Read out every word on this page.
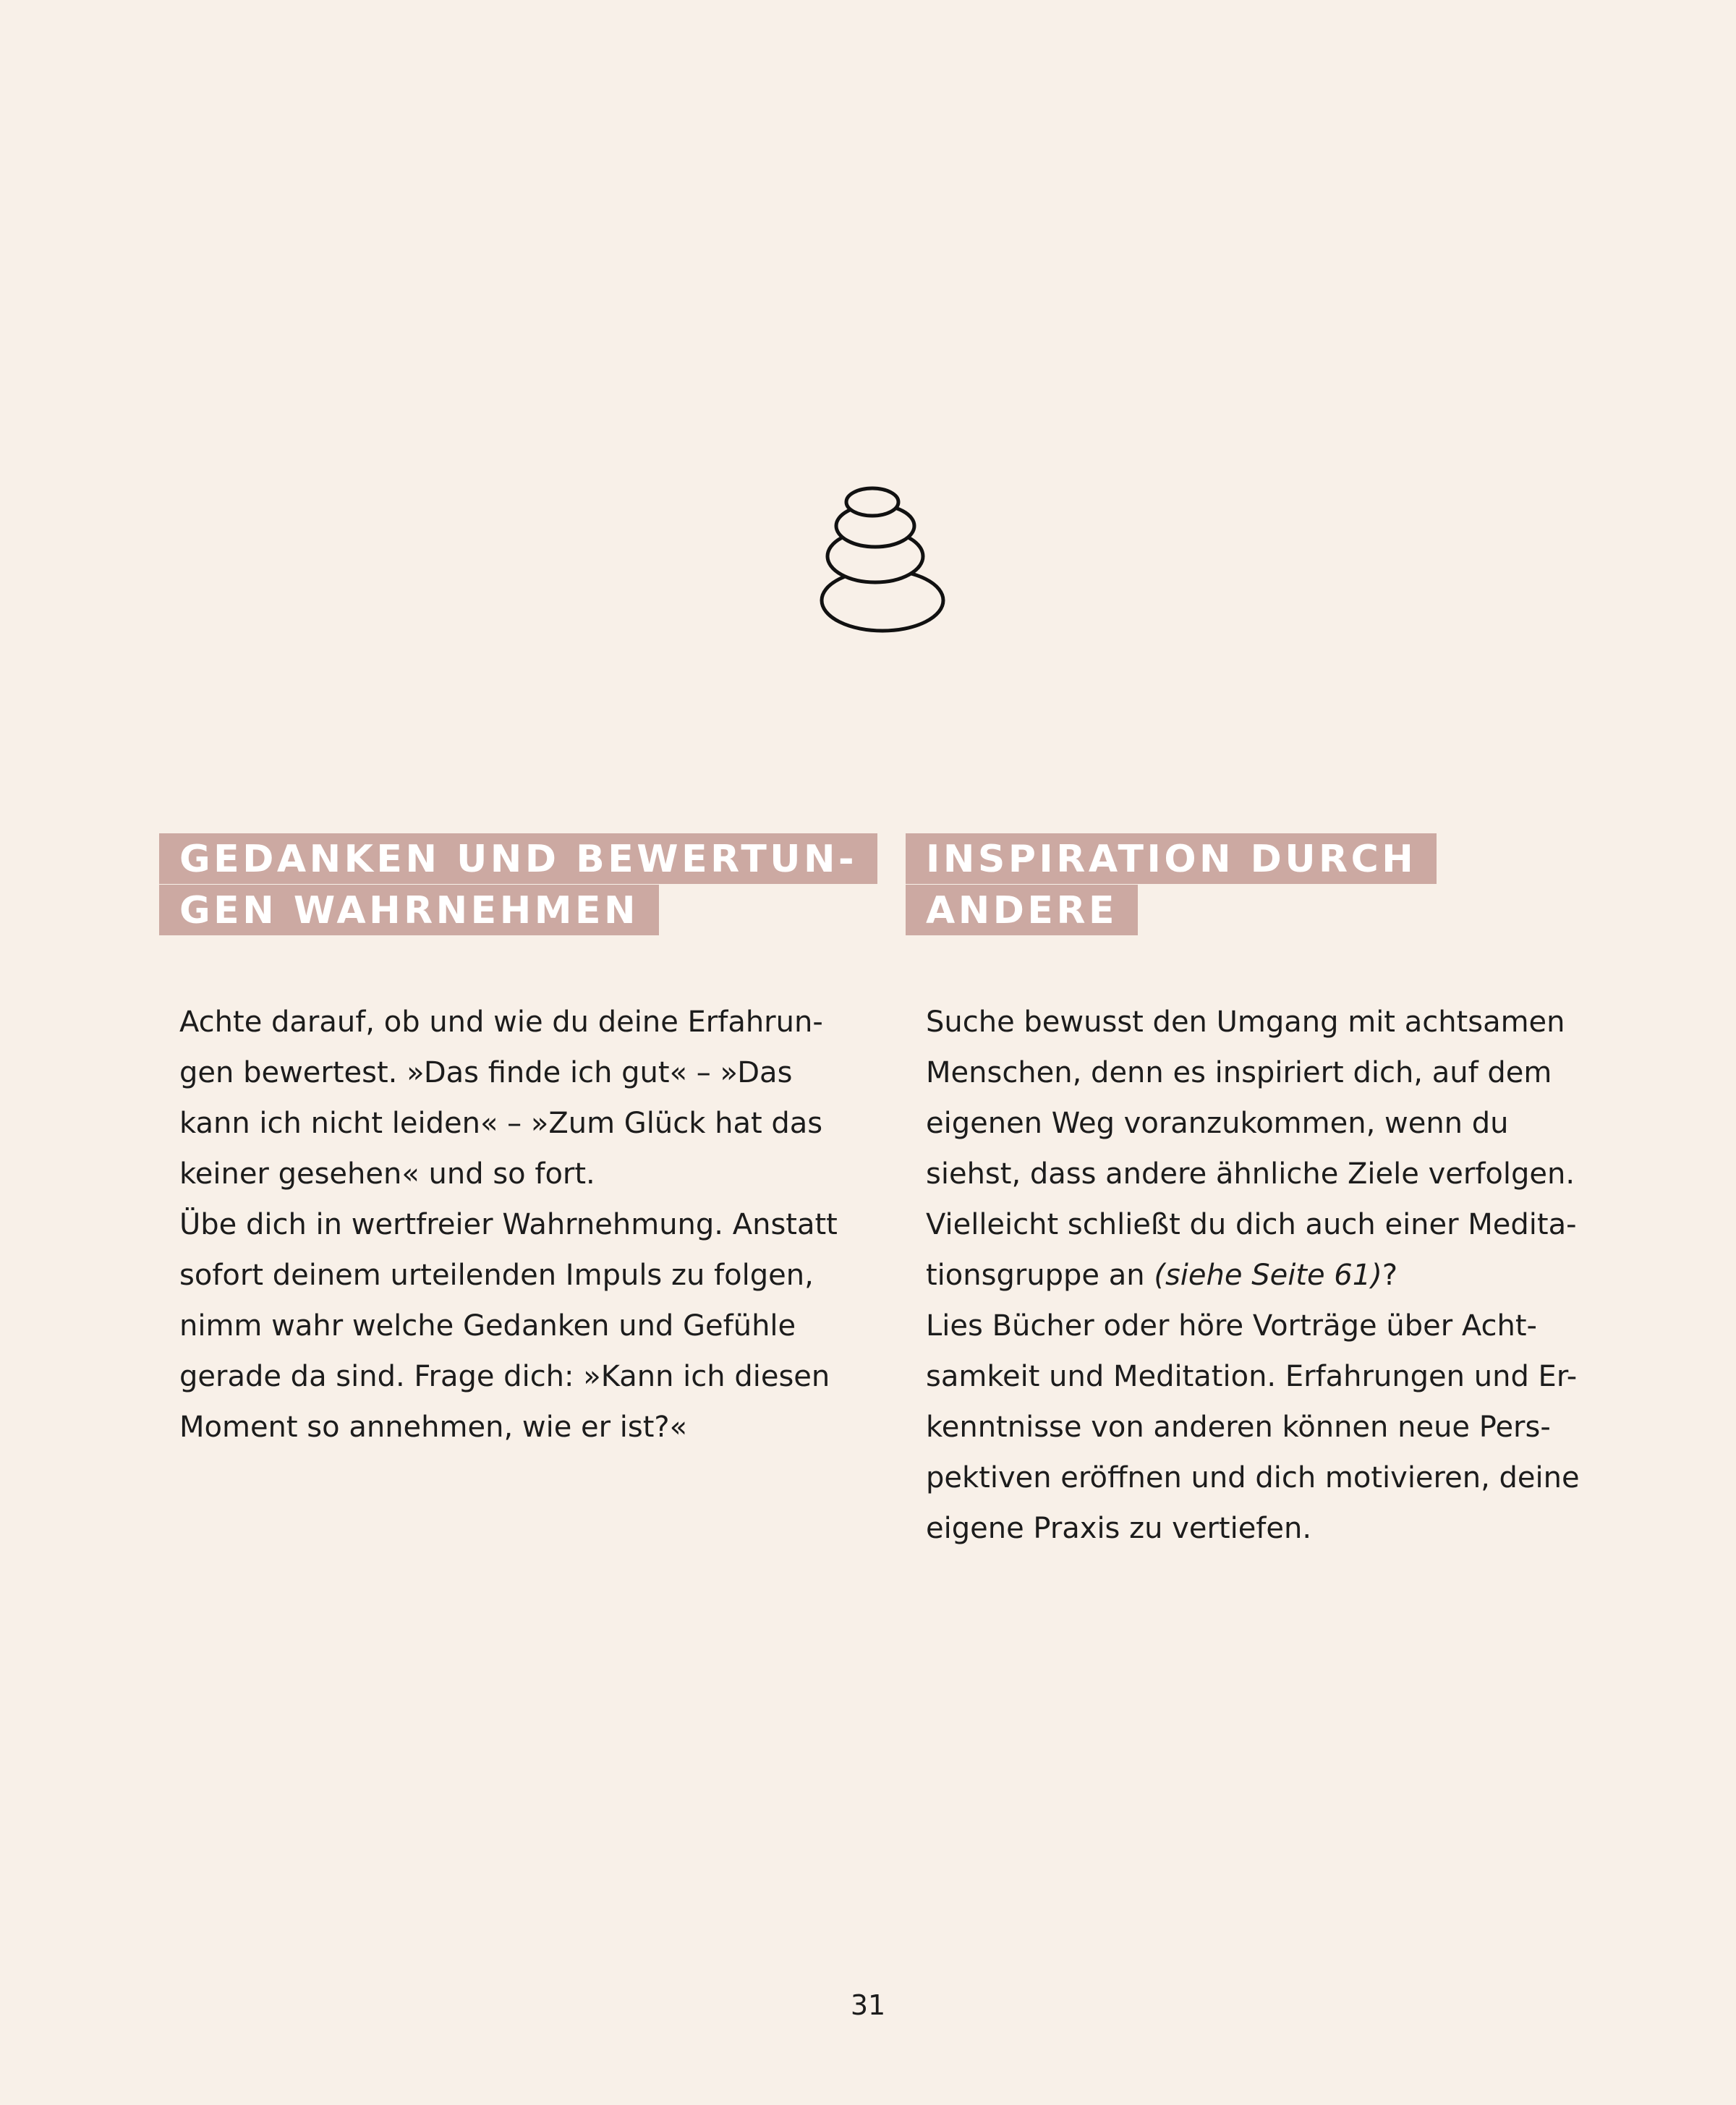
GEDANKEN UND BEWERTUN-
GEN WAHRNEHMEN
Achte darauf, ob und wie du deine Erfahrun-
gen bewertest. »Das finde ich gut« – »Das
kann ich nicht leiden« – »Zum Glück hat das
keiner gesehen« und so fort.
Übe dich in wertfreier Wahrnehmung. Anstatt
sofort deinem urteilenden Impuls zu folgen,
nimm wahr welche Gedanken und Gefühle
gerade da sind. Frage dich: »Kann ich diesen
Moment so annehmen, wie er ist?«
INSPIRATION DURCH
ANDERE
Suche bewusst den Umgang mit achtsamen
Menschen, denn es inspiriert dich, auf dem
eigenen Weg voranzukommen, wenn du
siehst, dass andere ähnliche Ziele verfolgen.
Vielleicht schließt du dich auch einer Medita-
tionsgruppe an (siehe Seite 61)?
Lies Bücher oder höre Vorträge über Acht-
samkeit und Meditation. Erfahrungen und Er-
kenntnisse von anderen können neue Pers-
pektiven eröffnen und dich motivieren, deine
eigene Praxis zu vertiefen.
31
